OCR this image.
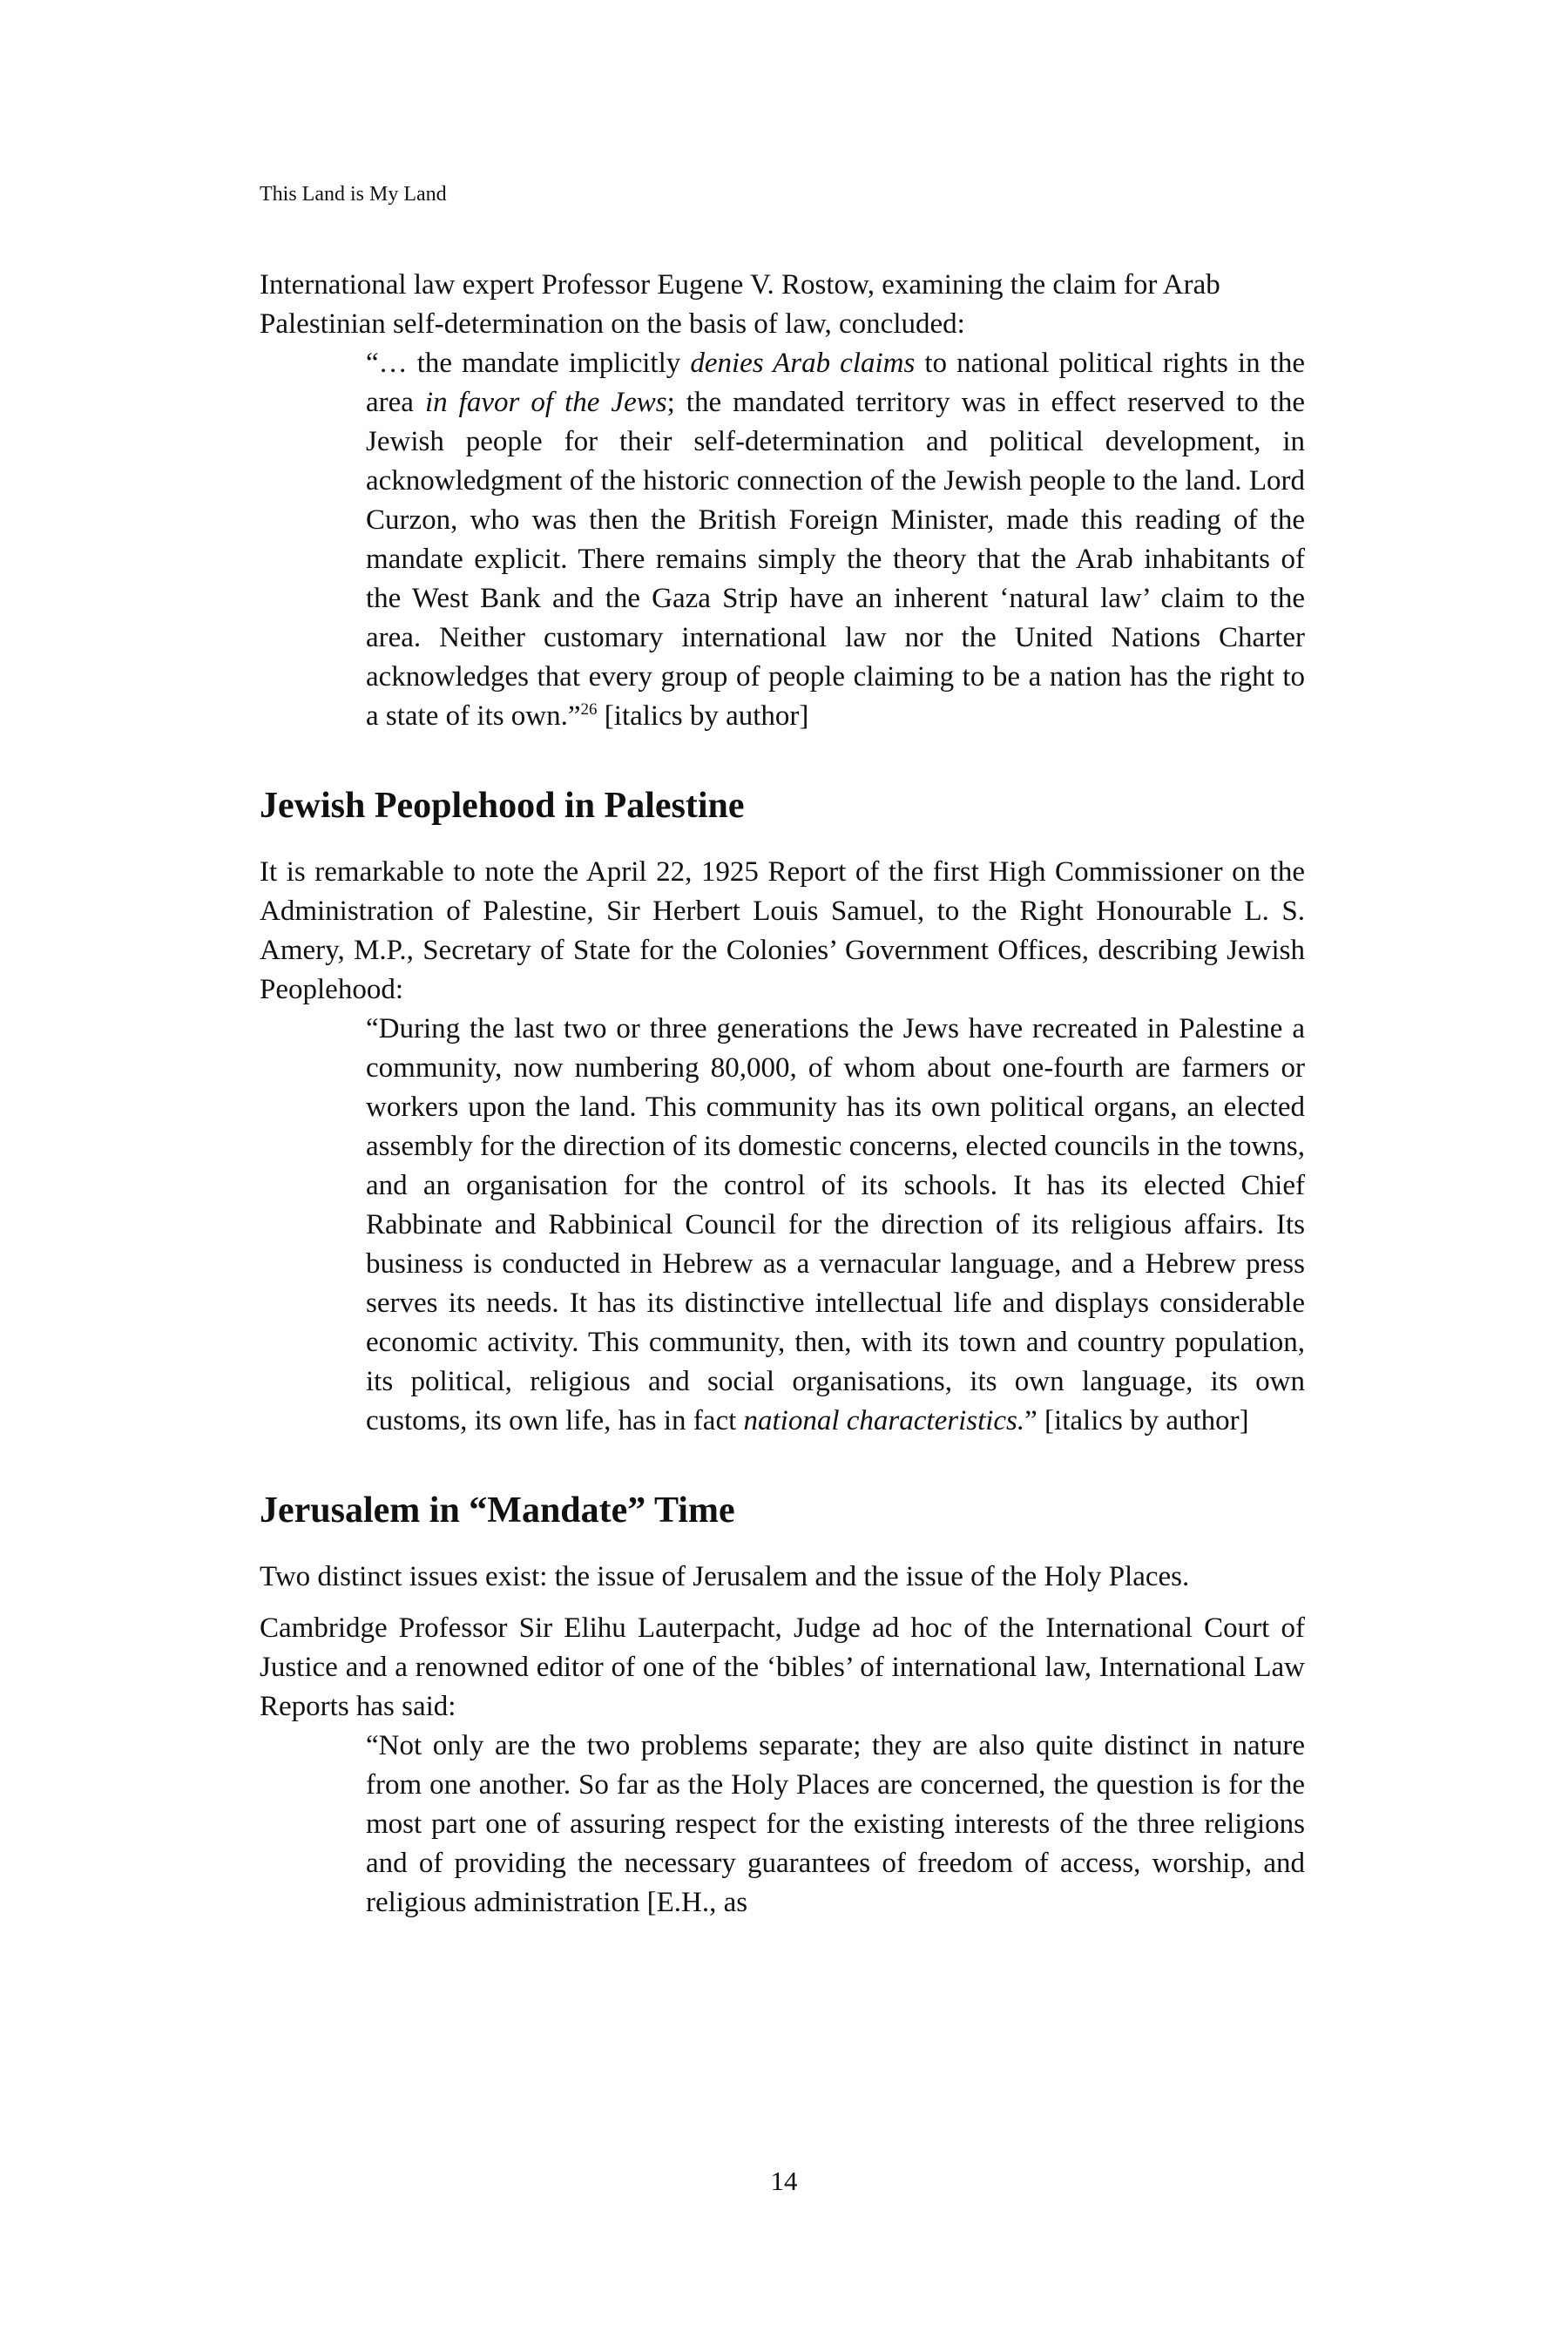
This Land is My Land

International law expert Professor Eugene V. Rostow, examining the claim for Arab Palestinian self-determination on the basis of law, concluded:

“… the mandate implicitly denies Arab claims to national political rights in the area in favor of the Jews; the mandated territory was in effect reserved to the Jewish people for their self-determination and political development, in acknowledgment of the historic connection of the Jewish people to the land. Lord Curzon, who was then the British Foreign Minister, made this reading of the mandate explicit. There remains simply the theory that the Arab inhabitants of the West Bank and the Gaza Strip have an inherent ‘natural law’ claim to the area. Neither customary international law nor the United Nations Charter acknowledges that every group of people claiming to be a nation has the right to a state of its own.”$^{26}$ [italics by author]

Jewish Peoplehood in Palestine

It is remarkable to note the April 22, 1925 Report of the first High Commissioner on the Administration of Palestine, Sir Herbert Louis Samuel, to the Right Honourable L. S. Amery, M.P., Secretary of State for the Colonies’ Government Offices, describing Jewish Peoplehood:

“During the last two or three generations the Jews have recreated in Palestine a community, now numbering 80,000, of whom about one-fourth are farmers or workers upon the land. This community has its own political organs, an elected assembly for the direction of its domestic concerns, elected councils in the towns, and an organisation for the control of its schools. It has its elected Chief Rabbinate and Rabbinical Council for the direction of its religious affairs. Its business is conducted in Hebrew as a vernacular language, and a Hebrew press serves its needs. It has its distinctive intellectual life and displays considerable economic activity. This community, then, with its town and country population, its political, religious and social organisations, its own language, its own customs, its own life, has in fact national characteristics.” [italics by author]

Jerusalem in “Mandate” Time

Two distinct issues exist: the issue of Jerusalem and the issue of the Holy Places.

Cambridge Professor Sir Elihu Lauterpacht, Judge ad hoc of the International Court of Justice and a renowned editor of one of the ‘bibles’ of international law, International Law Reports has said:

“Not only are the two problems separate; they are also quite distinct in nature from one another. So far as the Holy Places are concerned, the question is for the most part one of assuring respect for the existing interests of the three religions and of providing the necessary guarantees of freedom of access, worship, and religious administration [E.H., as

14
